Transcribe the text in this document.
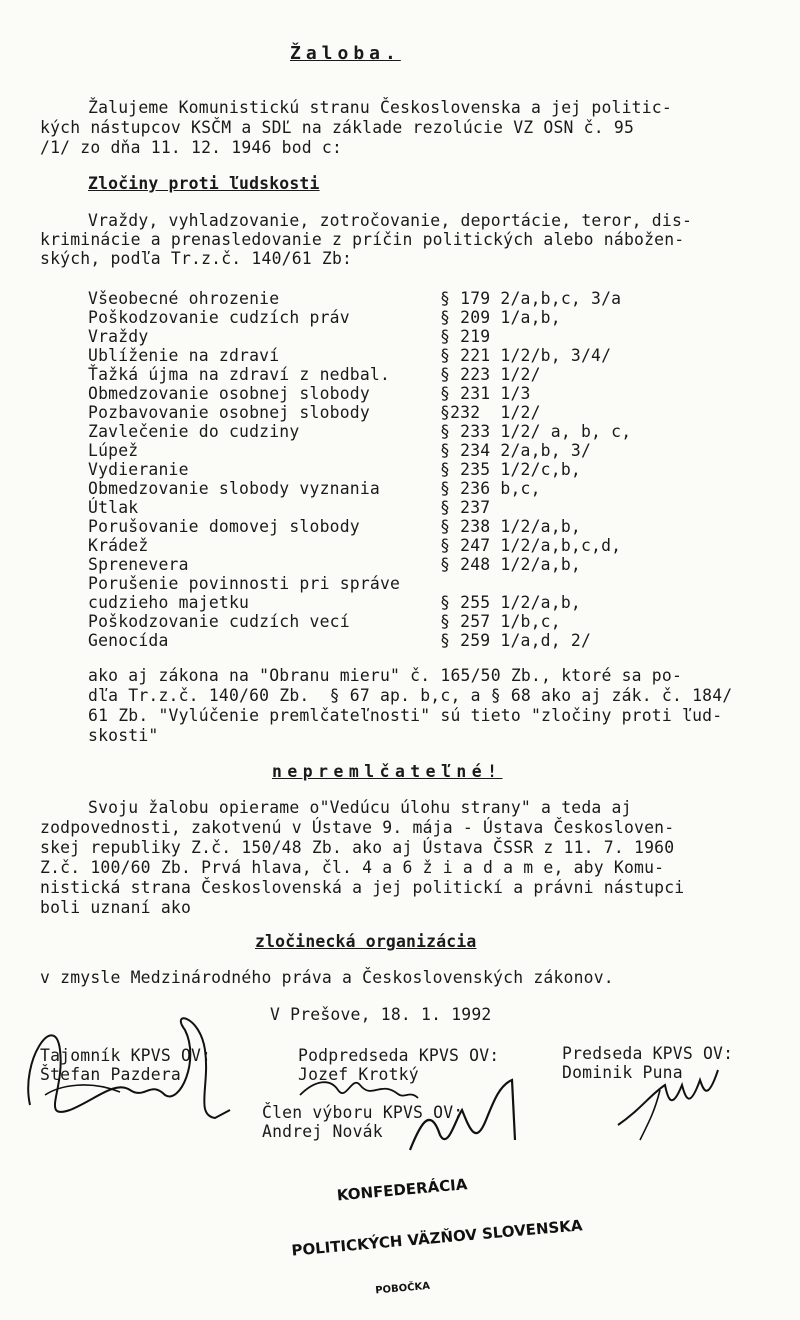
Žaloba.
Žalujeme Komunistickú stranu Československa a jej politic-
kých nástupcov KSČM a SDĽ na základe rezolúcie VZ OSN č. 95
/1/ zo dňa 11. 12. 1946 bod c:
Zločiny proti ľudskosti
Vraždy, vyhladzovanie, zotročovanie, deportácie, teror, dis-
kriminácie a prenasledovanie z príčin politických alebo nábožen-
ských, podľa Tr.z.č. 140/61 Zb:
Všeobecné ohrozenie	§ 179 2/a,b,c, 3/a
Poškodzovanie cudzích práv	§ 209 1/a,b,
Vraždy	§ 219
Ublíženie na zdraví	§ 221 1/2/b, 3/4/
Ťažká újma na zdraví z nedbal.	§ 223 1/2/
Obmedzovanie osobnej slobody	§ 231 1/3
Pozbavovanie osobnej slobody	§232  1/2/
Zavlečenie do cudziny	§ 233 1/2/ a, b, c,
Lúpež	§ 234 2/a,b, 3/
Vydieranie	§ 235 1/2/c,b,
Obmedzovanie slobody vyznania	§ 236 b,c,
Útlak	§ 237
Porušovanie domovej slobody	§ 238 1/2/a,b,
Krádež	§ 247 1/2/a,b,c,d,
Sprenevera	§ 248 1/2/a,b,
Porušenie povinnosti pri správe
cudzieho majetku	§ 255 1/2/a,b,
Poškodzovanie cudzích vecí	§ 257 1/b,c,
Genocída	§ 259 1/a,d, 2/
ako aj zákona na "Obranu mieru" č. 165/50 Zb., ktoré sa po-
dľa Tr.z.č. 140/60 Zb.  § 67 ap. b,c, a § 68 ako aj zák. č. 184/
61 Zb. "Vylúčenie premlčateľnosti" sú tieto "zločiny proti ľud-
skosti"
nepremlčateľné!
Svoju žalobu opierame o"Vedúcu úlohu strany" a teda aj
zodpovednosti, zakotvenú v Ústave 9. mája - Ústava Českosloven-
skej republiky Z.č. 150/48 Zb. ako aj Ústava ČSSR z 11. 7. 1960
Z.č. 100/60 Zb. Prvá hlava, čl. 4 a 6 ž i a d a m e, aby Komu-
nistická strana Československá a jej politickí a právni nástupci
boli uznaní ako
zločinecká organizácia
v zmysle Medzinárodného práva a Československých zákonov.
V Prešove, 18. 1. 1992
Tajomník KPVS OV:
Štefan Pazdera
Podpredseda KPVS OV:
Jozef Krotký
Predseda KPVS OV:
Dominik Puna
Člen výboru KPVS OV:
Andrej Novák

KONFEDERÁCIA

POLITICKÝCH VÄZŇOV SLOVENSKA

POBOČKA
